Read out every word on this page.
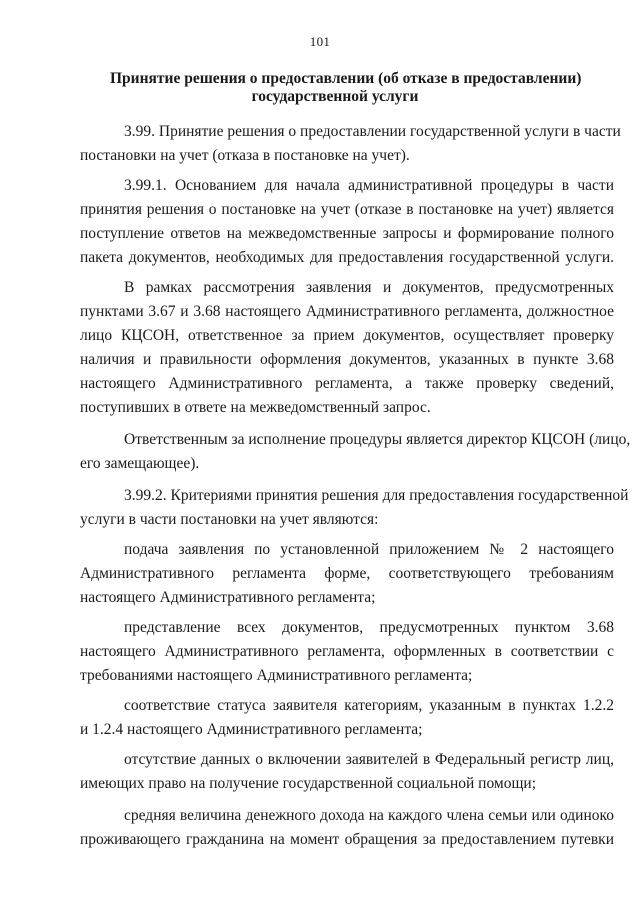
101
Принятие решения о предоставлении (об отказе в предоставлении)
государственной услуги
3.99. Принятие решения о предоставлении государственной услуги в части
постановки на учет (отказа в постановке на учет).
3.99.1. Основанием для начала административной процедуры в части
принятия решения о постановке на учет (отказе в постановке на учет) является
поступление ответов на межведомственные запросы и формирование полного
пакета документов, необходимых для предоставления государственной услуги.
В рамках рассмотрения заявления и документов, предусмотренных
пунктами 3.67 и 3.68 настоящего Административного регламента, должностное
лицо КЦСОН, ответственное за прием документов, осуществляет проверку
наличия и правильности оформления документов, указанных в пункте 3.68
настоящего Административного регламента, а также проверку сведений,
поступивших в ответе на межведомственный запрос.
Ответственным за исполнение процедуры является директор КЦСОН (лицо,
его замещающее).
3.99.2. Критериями принятия решения для предоставления государственной
услуги в части постановки на учет являются:
подача заявления по установленной приложением № 2 настоящего
Административного регламента форме, соответствующего требованиям
настоящего Административного регламента;
представление всех документов, предусмотренных пунктом 3.68
настоящего Административного регламента, оформленных в соответствии с
требованиями настоящего Административного регламента;
соответствие статуса заявителя категориям, указанным в пунктах 1.2.2
и 1.2.4 настоящего Административного регламента;
отсутствие данных о включении заявителей в Федеральный регистр лиц,
имеющих право на получение государственной социальной помощи;
средняя величина денежного дохода на каждого члена семьи или одиноко
проживающего гражданина на момент обращения за предоставлением путевки
